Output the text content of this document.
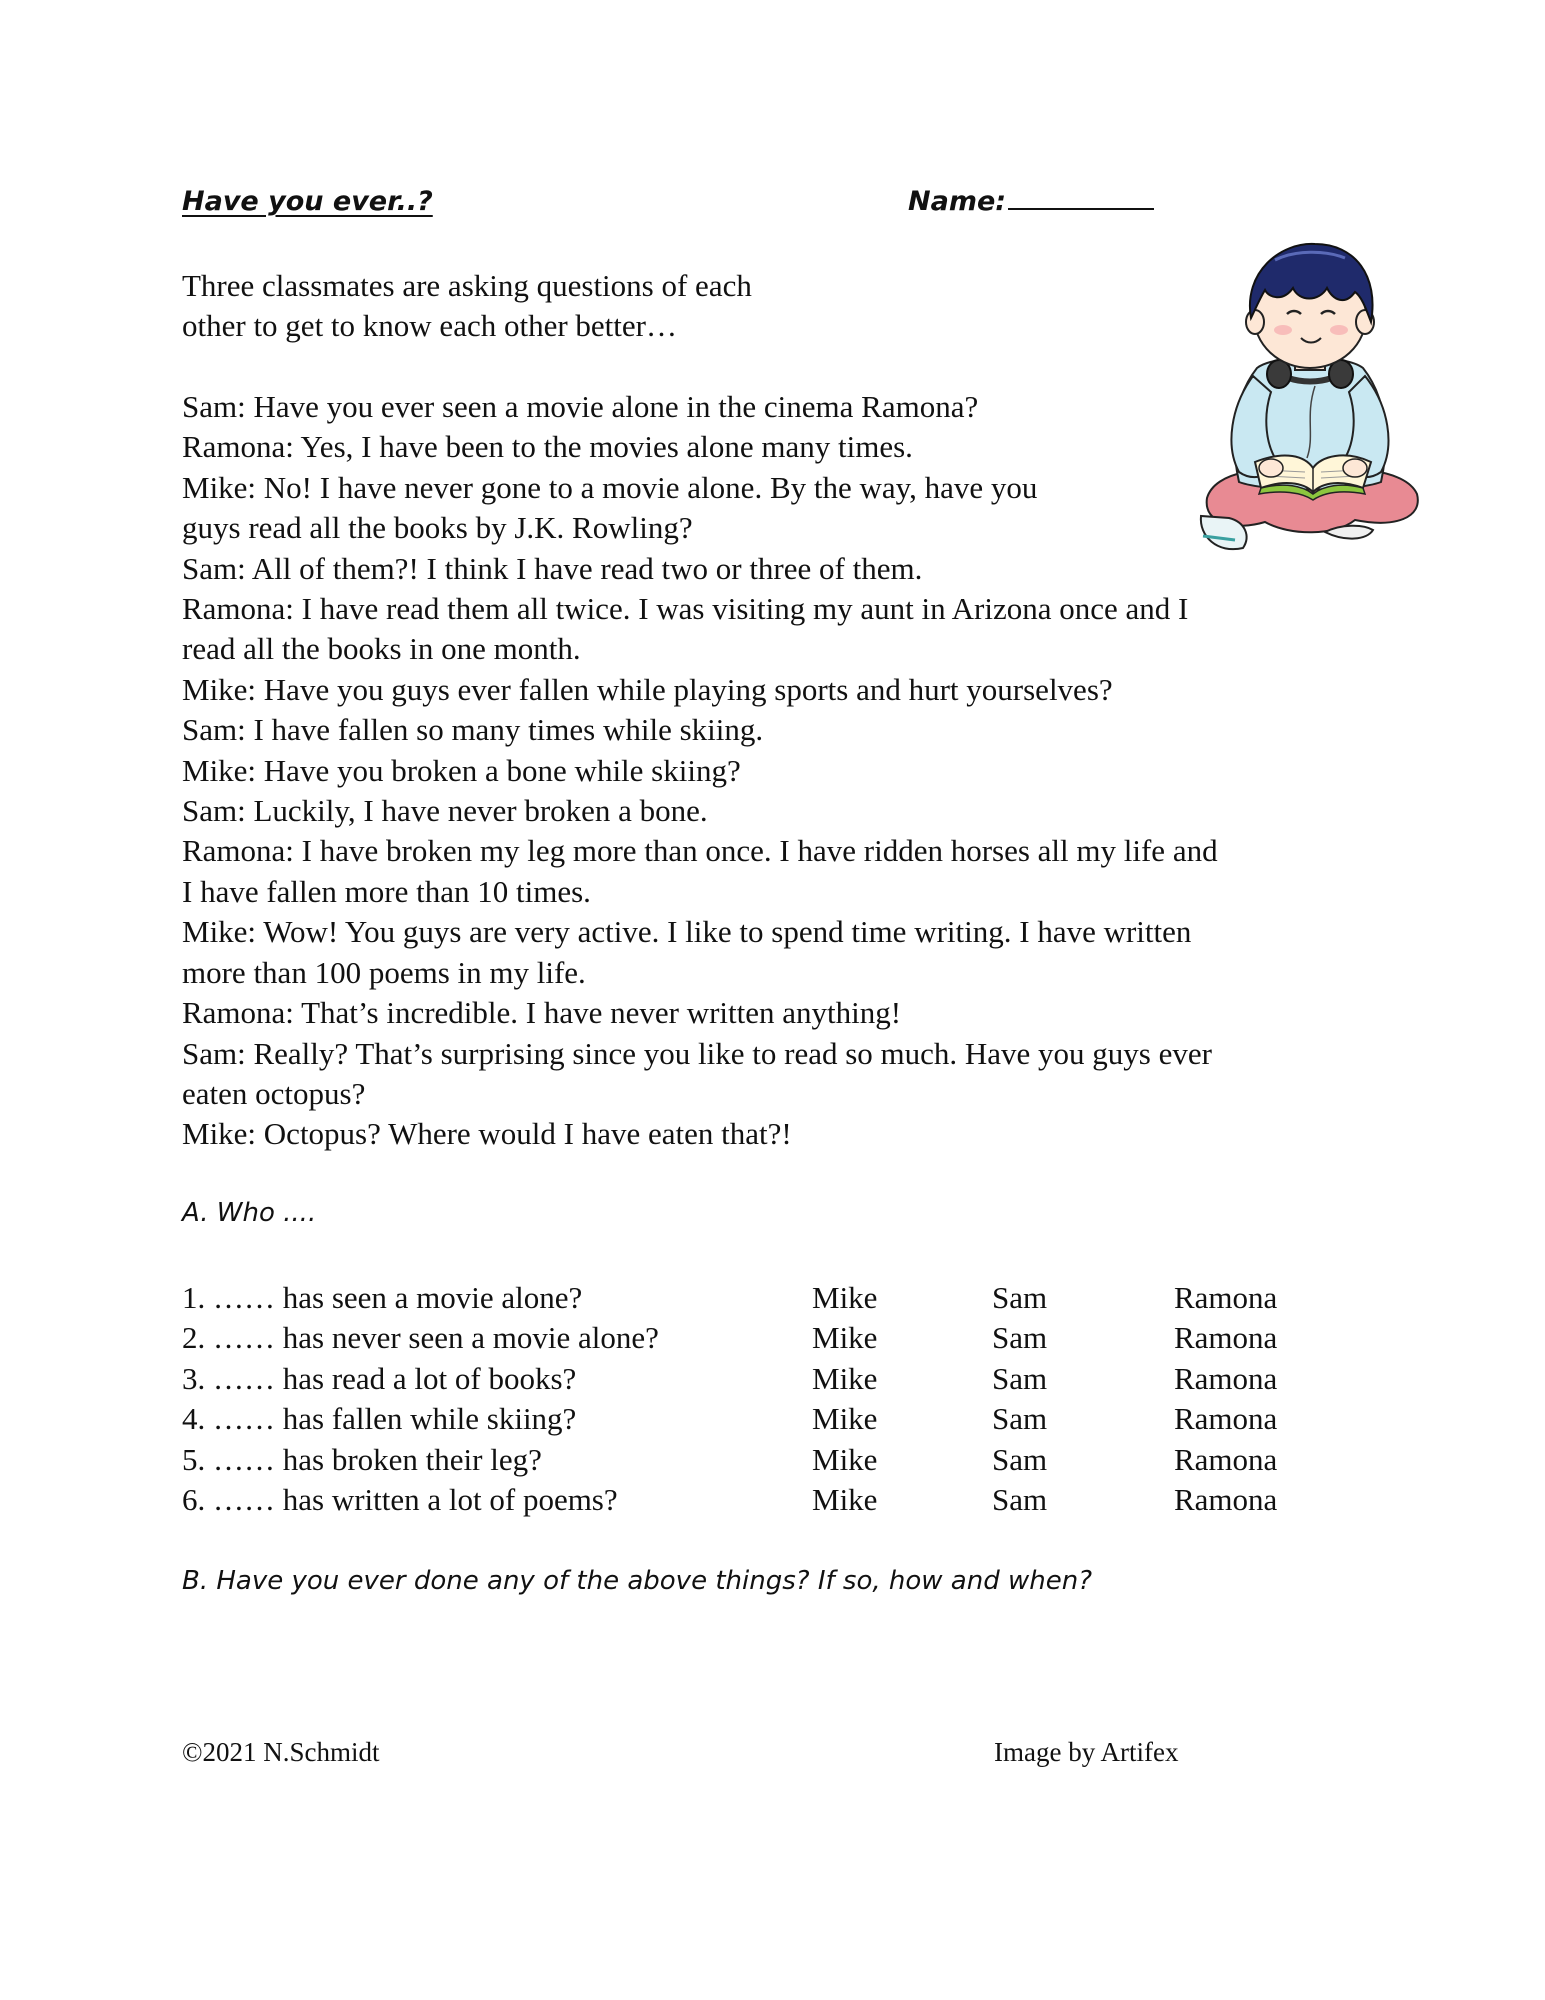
Have you ever..?	Name:
Three classmates are asking questions of each
other to get to know each other better…
Sam: Have you ever seen a movie alone in the cinema Ramona?
Ramona: Yes, I have been to the movies alone many times.
Mike: No! I have never gone to a movie alone. By the way, have you
guys read all the books by J.K. Rowling?
Sam: All of them?! I think I have read two or three of them.
Ramona: I have read them all twice. I was visiting my aunt in Arizona once and I
read all the books in one month.
Mike: Have you guys ever fallen while playing sports and hurt yourselves?
Sam: I have fallen so many times while skiing.
Mike: Have you broken a bone while skiing?
Sam: Luckily, I have never broken a bone.
Ramona: I have broken my leg more than once. I have ridden horses all my life and
I have fallen more than 10 times.
Mike: Wow! You guys are very active. I like to spend time writing. I have written
more than 100 poems in my life.
Ramona: That’s incredible. I have never written anything!
Sam: Really? That’s surprising since you like to read so much. Have you guys ever
eaten octopus?
Mike: Octopus? Where would I have eaten that?!
A. Who ....
1. …… has seen a movie alone?	Mike	Sam	Ramona
2. …… has never seen a movie alone?	Mike	Sam	Ramona
3. …… has read a lot of books?	Mike	Sam	Ramona
4. …… has fallen while skiing?	Mike	Sam	Ramona
5. …… has broken their leg?	Mike	Sam	Ramona
6. …… has written a lot of poems?	Mike	Sam	Ramona
B. Have you ever done any of the above things? If so, how and when?
©2021 N.Schmidt	Image by Artifex
